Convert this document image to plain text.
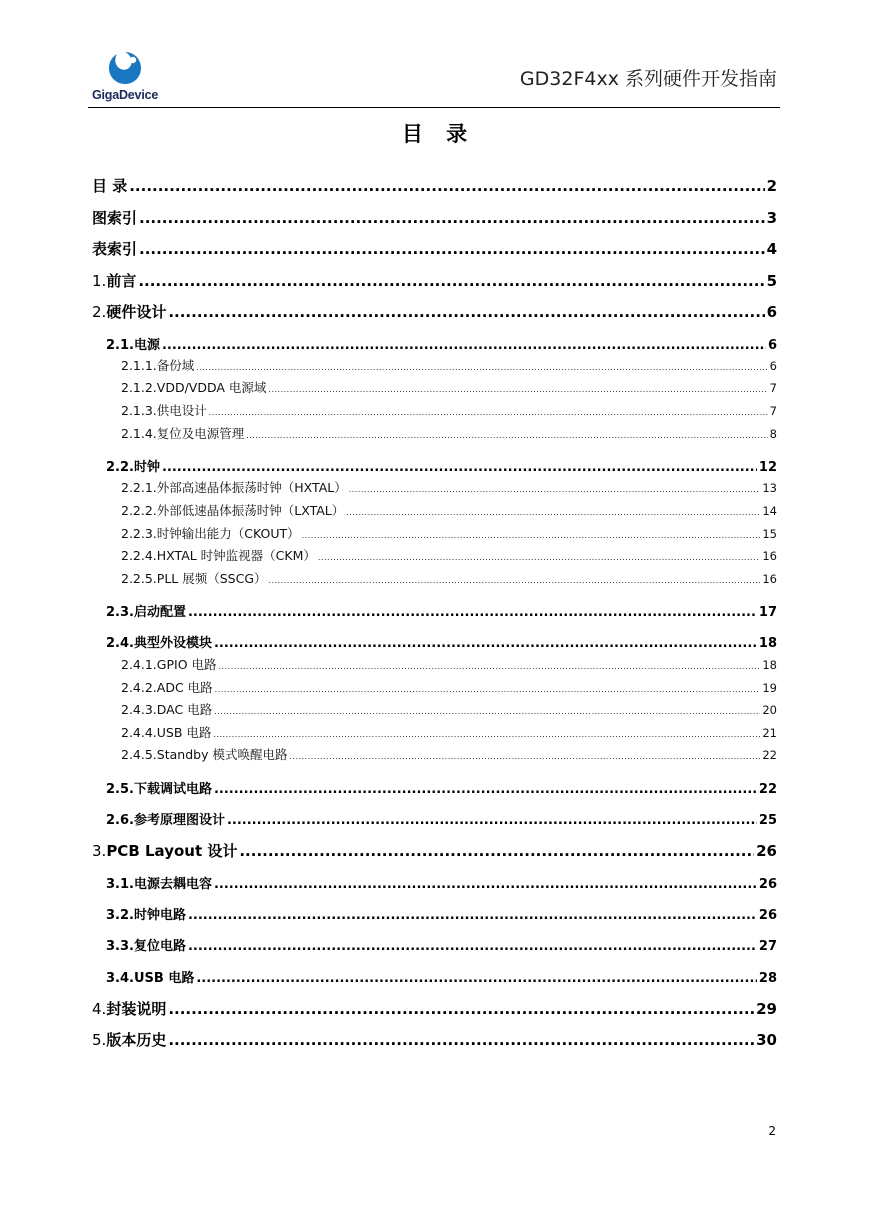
GigaDevice
GD32F4xx 系列硬件开发指南
目 录
目 录 .....	2
图索引 .....	3
表索引 .....	4
1. 前言 .....	5
2. 硬件设计 .....	6
2.1. 电源 .....	6
2.1.1. 备份域 .....	6
2.1.2. VDD/VDDA 电源域 .....	7
2.1.3. 供电设计 .....	7
2.1.4. 复位及电源管理 .....	8
2.2. 时钟 .....	12
2.2.1. 外部高速晶体振荡时钟（HXTAL） .....	13
2.2.2. 外部低速晶体振荡时钟（LXTAL） .....	14
2.2.3. 时钟输出能力（CKOUT） .....	15
2.2.4. HXTAL 时钟监视器（CKM） .....	16
2.2.5. PLL 展频（SSCG） .....	16
2.3. 启动配置 .....	17
2.4. 典型外设模块 .....	18
2.4.1. GPIO 电路 .....	18
2.4.2. ADC 电路 .....	19
2.4.3. DAC 电路 .....	20
2.4.4. USB 电路 .....	21
2.4.5. Standby 模式唤醒电路 .....	22
2.5. 下载调试电路 .....	22
2.6. 参考原理图设计 .....	25
3. PCB Layout 设计 .....	26
3.1. 电源去耦电容 .....	26
3.2. 时钟电路 .....	26
3.3. 复位电路 .....	27
3.4. USB 电路 .....	28
4. 封装说明 .....	29
5. 版本历史 .....	30
2
